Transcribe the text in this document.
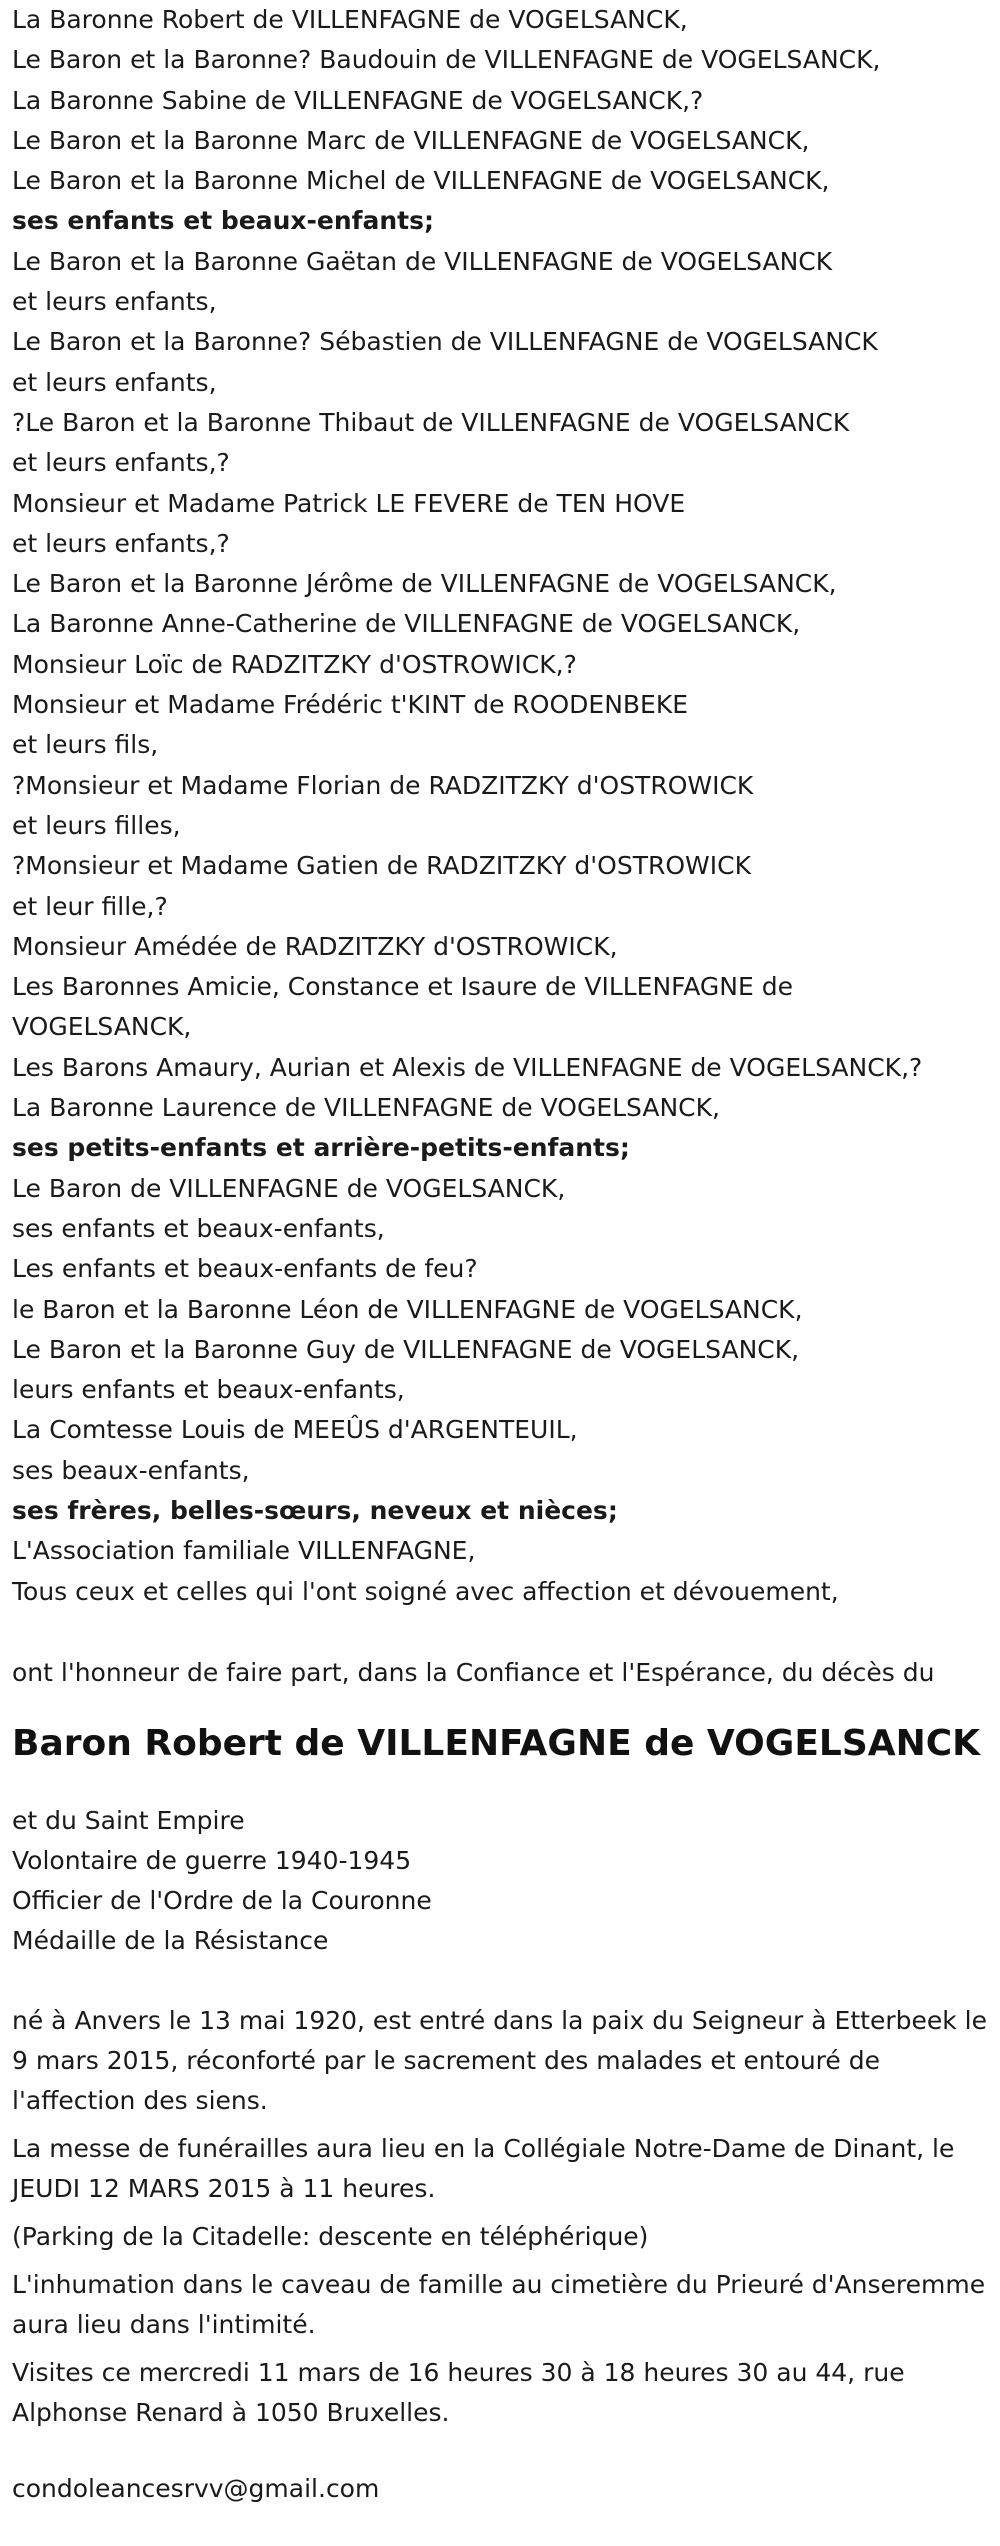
La Baronne Robert de VILLENFAGNE de VOGELSANCK,
Le Baron et la Baronne? Baudouin de VILLENFAGNE de VOGELSANCK,
La Baronne Sabine de VILLENFAGNE de VOGELSANCK,?
Le Baron et la Baronne Marc de VILLENFAGNE de VOGELSANCK,
Le Baron et la Baronne Michel de VILLENFAGNE de VOGELSANCK,
ses enfants et beaux-enfants;
Le Baron et la Baronne Gaëtan de VILLENFAGNE de VOGELSANCK
et leurs enfants,
Le Baron et la Baronne? Sébastien de VILLENFAGNE de VOGELSANCK
et leurs enfants,
?Le Baron et la Baronne Thibaut de VILLENFAGNE de VOGELSANCK
et leurs enfants,?
Monsieur et Madame Patrick LE FEVERE de TEN HOVE
et leurs enfants,?
Le Baron et la Baronne Jérôme de VILLENFAGNE de VOGELSANCK,
La Baronne Anne-Catherine de VILLENFAGNE de VOGELSANCK,
Monsieur Loïc de RADZITZKY d'OSTROWICK,?
Monsieur et Madame Frédéric t'KINT de ROODENBEKE
et leurs fils,
?Monsieur et Madame Florian de RADZITZKY d'OSTROWICK
et leurs filles,
?Monsieur et Madame Gatien de RADZITZKY d'OSTROWICK
et leur fille,?
Monsieur Amédée de RADZITZKY d'OSTROWICK,
Les Baronnes Amicie, Constance et Isaure de VILLENFAGNE de
VOGELSANCK,
Les Barons Amaury, Aurian et Alexis de VILLENFAGNE de VOGELSANCK,?
La Baronne Laurence de VILLENFAGNE de VOGELSANCK,
ses petits-enfants et arrière-petits-enfants;
Le Baron de VILLENFAGNE de VOGELSANCK,
ses enfants et beaux-enfants,
Les enfants et beaux-enfants de feu?
le Baron et la Baronne Léon de VILLENFAGNE de VOGELSANCK,
Le Baron et la Baronne Guy de VILLENFAGNE de VOGELSANCK,
leurs enfants et beaux-enfants,
La Comtesse Louis de MEEÛS d'ARGENTEUIL,
ses beaux-enfants,
ses frères, belles-sœurs, neveux et nièces;
L'Association familiale VILLENFAGNE,
Tous ceux et celles qui l'ont soigné avec affection et dévouement,
ont l'honneur de faire part, dans la Confiance et l'Espérance, du décès du
Baron Robert de VILLENFAGNE de VOGELSANCK
et du Saint Empire
Volontaire de guerre 1940-1945
Officier de l'Ordre de la Couronne
Médaille de la Résistance
né à Anvers le 13 mai 1920, est entré dans la paix du Seigneur à Etterbeek le 9 mars 2015, réconforté par le sacrement des malades et entouré de l'affection des siens.
La messe de funérailles aura lieu en la Collégiale Notre-Dame de Dinant, le JEUDI 12 MARS 2015 à 11 heures.
(Parking de la Citadelle: descente en téléphérique)
L'inhumation dans le caveau de famille au cimetière du Prieuré d'Anseremme aura lieu dans l'intimité.
Visites ce mercredi 11 mars de 16 heures 30 à 18 heures 30 au 44, rue Alphonse Renard à 1050 Bruxelles.
condoleancesrvv@gmail.com
